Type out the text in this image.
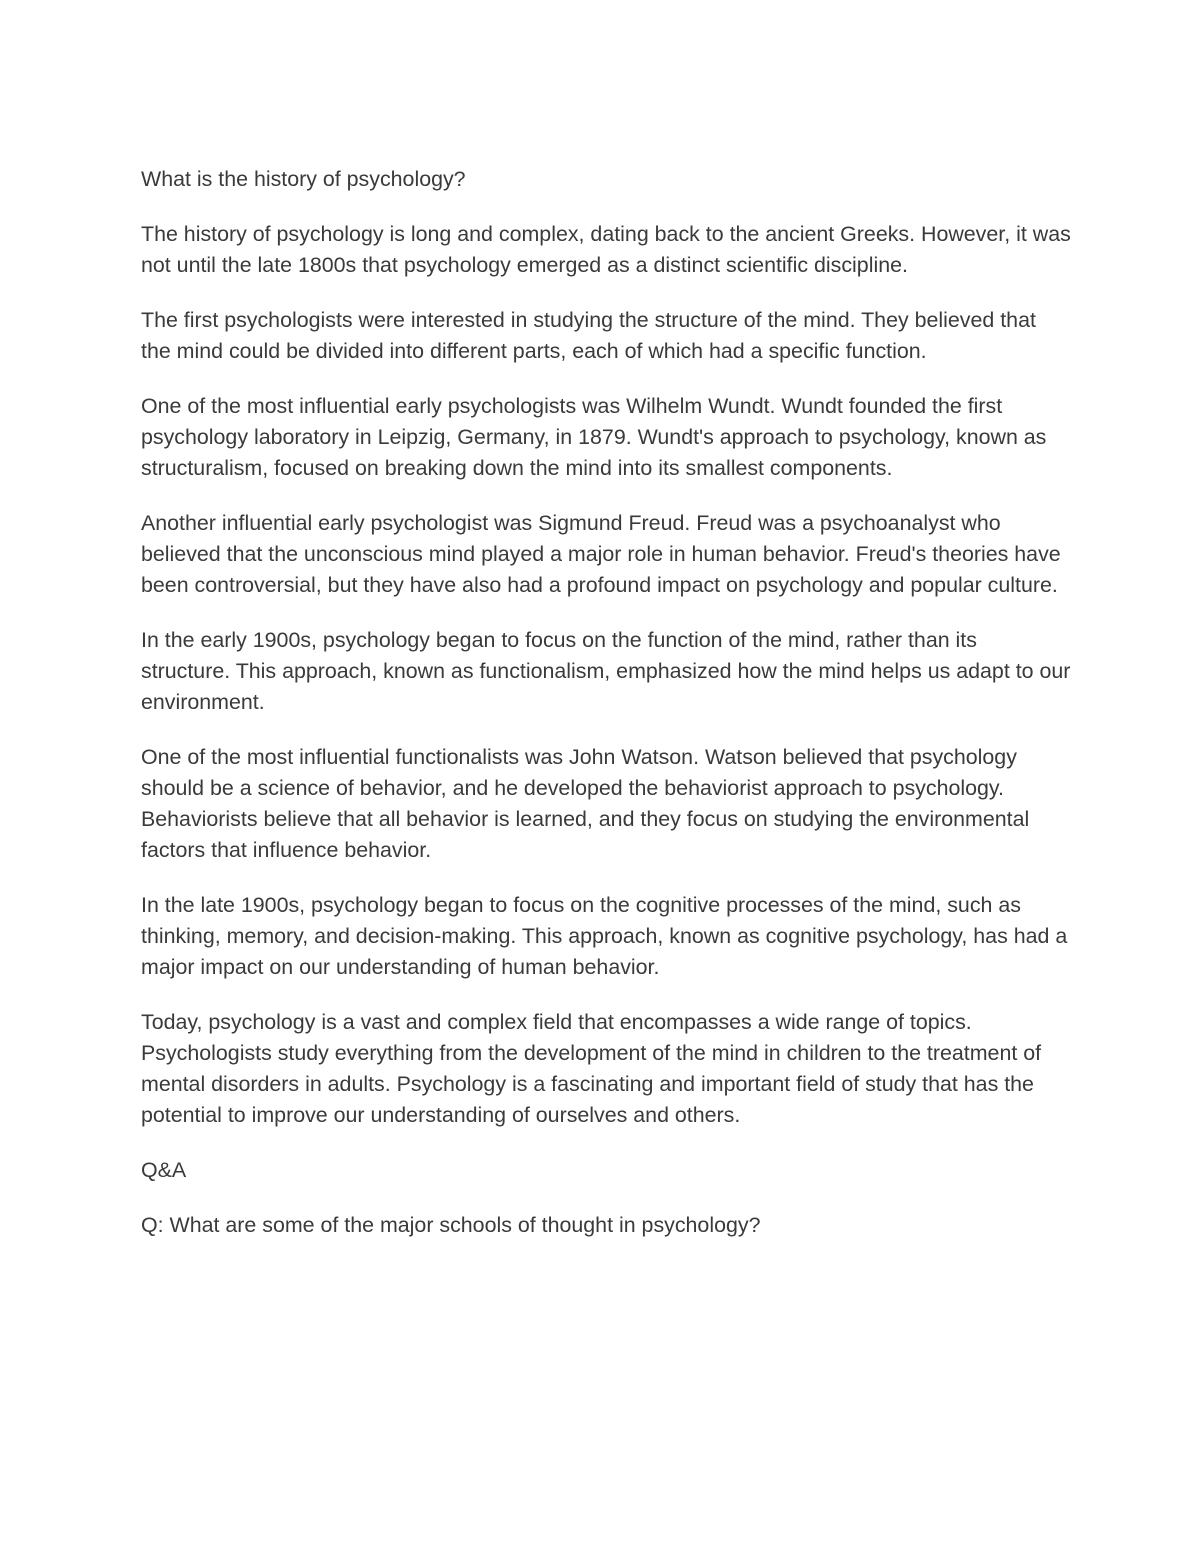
What is the history of psychology?

The history of psychology is long and complex, dating back to the ancient Greeks. However, it was not until the late 1800s that psychology emerged as a distinct scientific discipline.

The first psychologists were interested in studying the structure of the mind. They believed that the mind could be divided into different parts, each of which had a specific function.

One of the most influential early psychologists was Wilhelm Wundt. Wundt founded the first psychology laboratory in Leipzig, Germany, in 1879. Wundt's approach to psychology, known as structuralism, focused on breaking down the mind into its smallest components.

Another influential early psychologist was Sigmund Freud. Freud was a psychoanalyst who believed that the unconscious mind played a major role in human behavior. Freud's theories have been controversial, but they have also had a profound impact on psychology and popular culture.

In the early 1900s, psychology began to focus on the function of the mind, rather than its structure. This approach, known as functionalism, emphasized how the mind helps us adapt to our environment.

One of the most influential functionalists was John Watson. Watson believed that psychology should be a science of behavior, and he developed the behaviorist approach to psychology. Behaviorists believe that all behavior is learned, and they focus on studying the environmental factors that influence behavior.

In the late 1900s, psychology began to focus on the cognitive processes of the mind, such as thinking, memory, and decision-making. This approach, known as cognitive psychology, has had a major impact on our understanding of human behavior.

Today, psychology is a vast and complex field that encompasses a wide range of topics. Psychologists study everything from the development of the mind in children to the treatment of mental disorders in adults. Psychology is a fascinating and important field of study that has the potential to improve our understanding of ourselves and others.

Q&A

Q: What are some of the major schools of thought in psychology?
